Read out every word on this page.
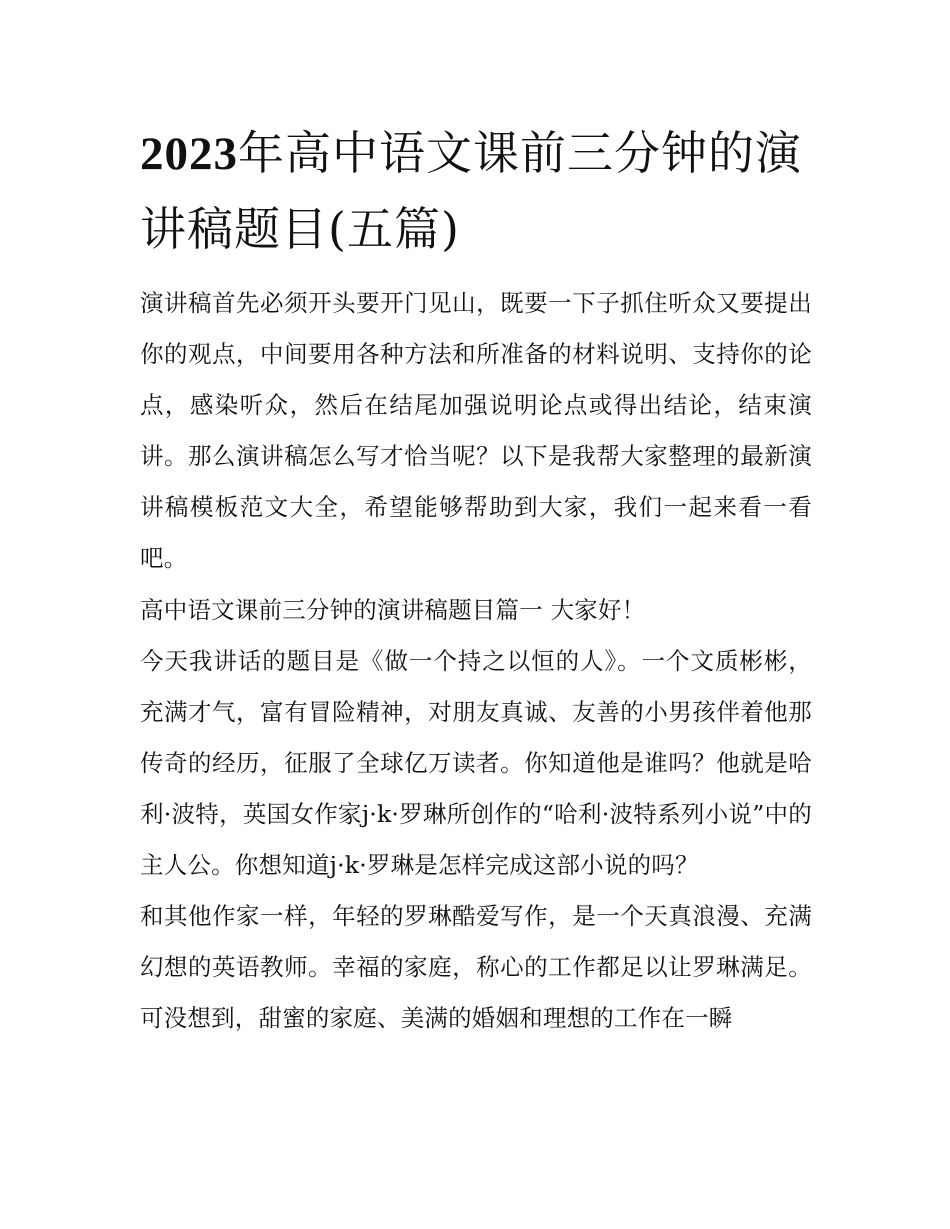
2023年高中语文课前三分钟的演讲稿题目(五篇)

演讲稿首先必须开头要开门见山，既要一下子抓住听众又要提出你的观点，中间要用各种方法和所准备的材料说明、支持你的论点，感染听众，然后在结尾加强说明论点或得出结论，结束演讲。那么演讲稿怎么写才恰当呢？以下是我帮大家整理的最新演讲稿模板范文大全，希望能够帮助到大家，我们一起来看一看吧。

高中语文课前三分钟的演讲稿题目篇一 大家好！

今天我讲话的题目是《做一个持之以恒的人》。一个文质彬彬，充满才气，富有冒险精神，对朋友真诚、友善的小男孩伴着他那传奇的经历，征服了全球亿万读者。你知道他是谁吗？他就是哈利·波特，英国女作家j·k·罗琳所创作的“哈利·波特系列小说”中的主人公。你想知道j·k·罗琳是怎样完成这部小说的吗？

和其他作家一样，年轻的罗琳酷爱写作，是一个天真浪漫、充满幻想的英语教师。幸福的家庭，称心的工作都足以让罗琳满足。可没想到，甜蜜的家庭、美满的婚姻和理想的工作在一瞬
